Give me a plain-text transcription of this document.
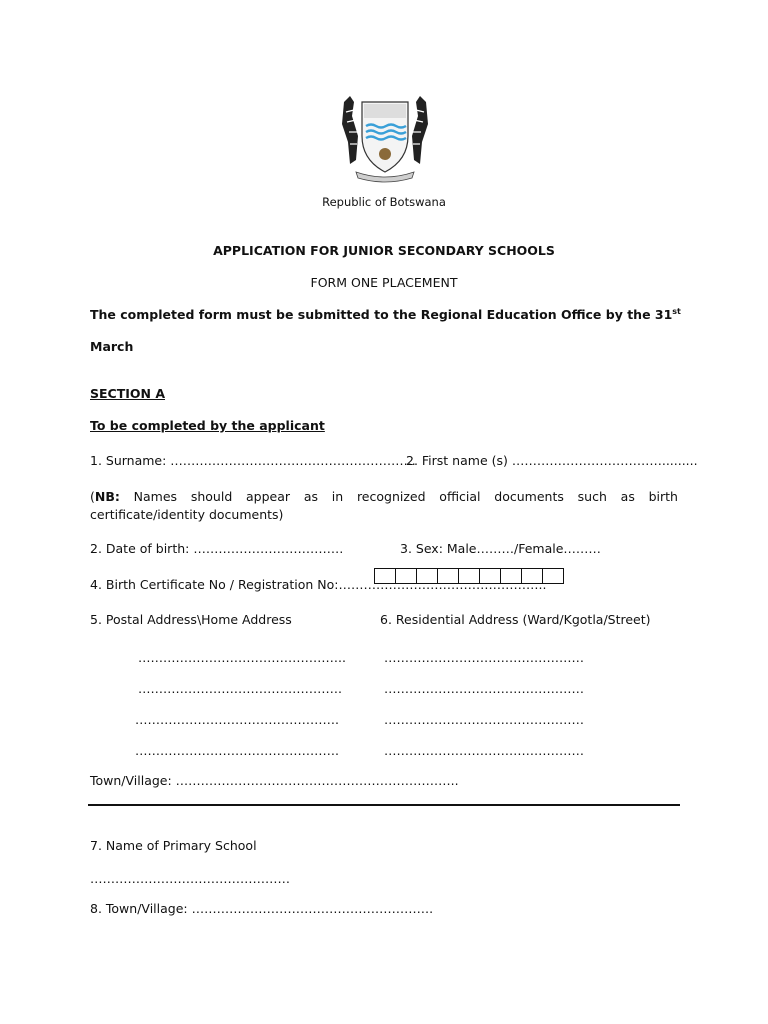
Republic of Botswana
APPLICATION FOR JUNIOR SECONDARY SCHOOLS
FORM ONE PLACEMENT
The completed form must be submitted to the Regional Education Office by the 31st
March
SECTION A
To be completed by the applicant
1. Surname: …………………………………………………..
2. First name (s) ……………………………….........
(NB: Names should appear as in recognized official documents such as birth certificate/identity documents)
2. Date of birth: ………………………………	3. Sex: Male………/Female………
4. Birth Certificate No / Registration No:…………………………………………..
5. Postal Address\Home Address	6. Residential Address (Ward/Kgotla/Street)
…………………………………………..
………………………………………….
………………………………………….
………………………………………….
…………………………………………
…………………………………………
…………………………………………
…………………………………………
Town/Village: …………………………………………………………..
7. Name of Primary School
…………………………………………
8. Town/Village: ………………………………………………….
